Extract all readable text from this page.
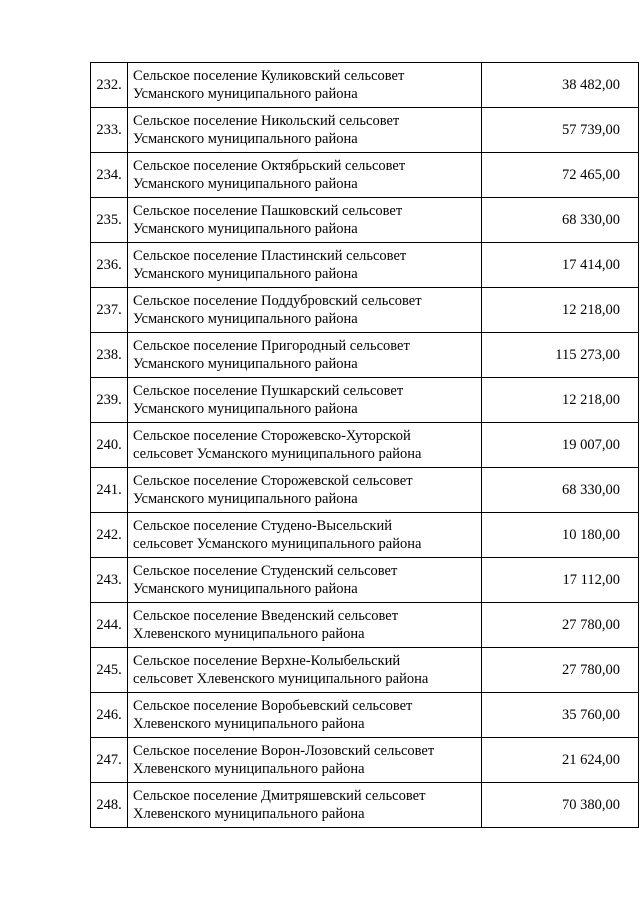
232.	Сельское поселение Куликовский сельсовет
Усманского муниципального района	38 482,00
233.	Сельское поселение Никольский сельсовет
Усманского муниципального района	57 739,00
234.	Сельское поселение Октябрьский сельсовет
Усманского муниципального района	72 465,00
235.	Сельское поселение Пашковский сельсовет
Усманского муниципального района	68 330,00
236.	Сельское поселение Пластинский сельсовет
Усманского муниципального района	17 414,00
237.	Сельское поселение Поддубровский сельсовет
Усманского муниципального района	12 218,00
238.	Сельское поселение Пригородный сельсовет
Усманского муниципального района	115 273,00
239.	Сельское поселение Пушкарский сельсовет
Усманского муниципального района	12 218,00
240.	Сельское поселение Сторожевско-Хуторской
сельсовет Усманского муниципального района	19 007,00
241.	Сельское поселение Сторожевской сельсовет
Усманского муниципального района	68 330,00
242.	Сельское поселение Студено-Высельский
сельсовет Усманского муниципального района	10 180,00
243.	Сельское поселение Студенский сельсовет
Усманского муниципального района	17 112,00
244.	Сельское поселение Введенский сельсовет
Хлевенского муниципального района	27 780,00
245.	Сельское поселение Верхне-Колыбельский
сельсовет Хлевенского муниципального района	27 780,00
246.	Сельское поселение Воробьевский сельсовет
Хлевенского муниципального района	35 760,00
247.	Сельское поселение Ворон-Лозовский сельсовет
Хлевенского муниципального района	21 624,00
248.	Сельское поселение Дмитряшевский сельсовет
Хлевенского муниципального района	70 380,00
